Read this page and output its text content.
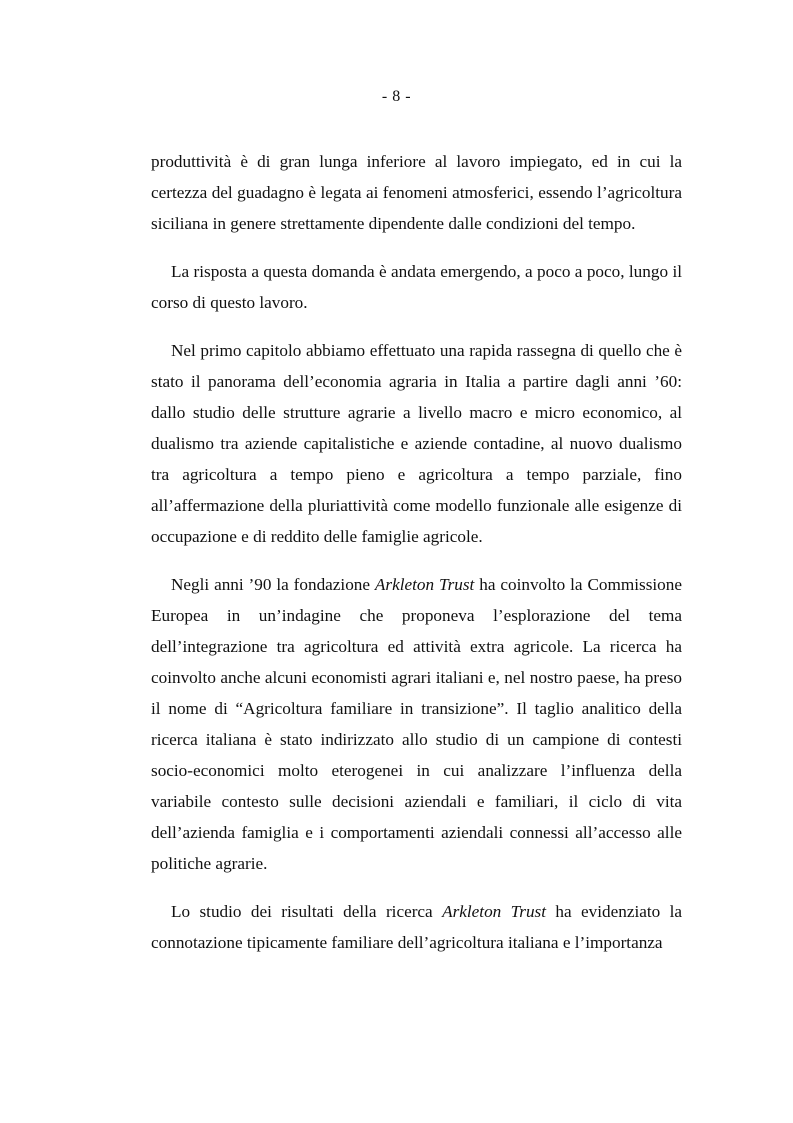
- 8 -

produttività è di gran lunga inferiore al lavoro impiegato, ed in cui la certezza del guadagno è legata ai fenomeni atmosferici, essendo l’agricoltura siciliana in genere strettamente dipendente dalle condizioni del tempo.

La risposta a questa domanda è andata emergendo, a poco a poco, lungo il corso di questo lavoro.

Nel primo capitolo abbiamo effettuato una rapida rassegna di quello che è stato il panorama dell’economia agraria in Italia a partire dagli anni ’60: dallo studio delle strutture agrarie a livello macro e micro economico, al dualismo tra aziende capitalistiche e aziende contadine, al nuovo dualismo tra agricoltura a tempo pieno e agricoltura a tempo parziale, fino all’affermazione della pluriattività come modello funzionale alle esigenze di occupazione e di reddito delle famiglie agricole.

Negli anni ’90 la fondazione Arkleton Trust ha coinvolto la Commissione Europea in un’indagine che proponeva l’esplorazione del tema dell’integrazione tra agricoltura ed attività extra agricole. La ricerca ha coinvolto anche alcuni economisti agrari italiani e, nel nostro paese, ha preso il nome di “Agricoltura familiare in transizione”. Il taglio analitico della ricerca italiana è stato indirizzato allo studio di un campione di contesti socio-economici molto eterogenei in cui analizzare l’influenza della variabile contesto sulle decisioni aziendali e familiari, il ciclo di vita dell’azienda famiglia e i comportamenti aziendali connessi all’accesso alle politiche agrarie.

Lo studio dei risultati della ricerca Arkleton Trust ha evidenziato la connotazione tipicamente familiare dell’agricoltura italiana e l’importanza
